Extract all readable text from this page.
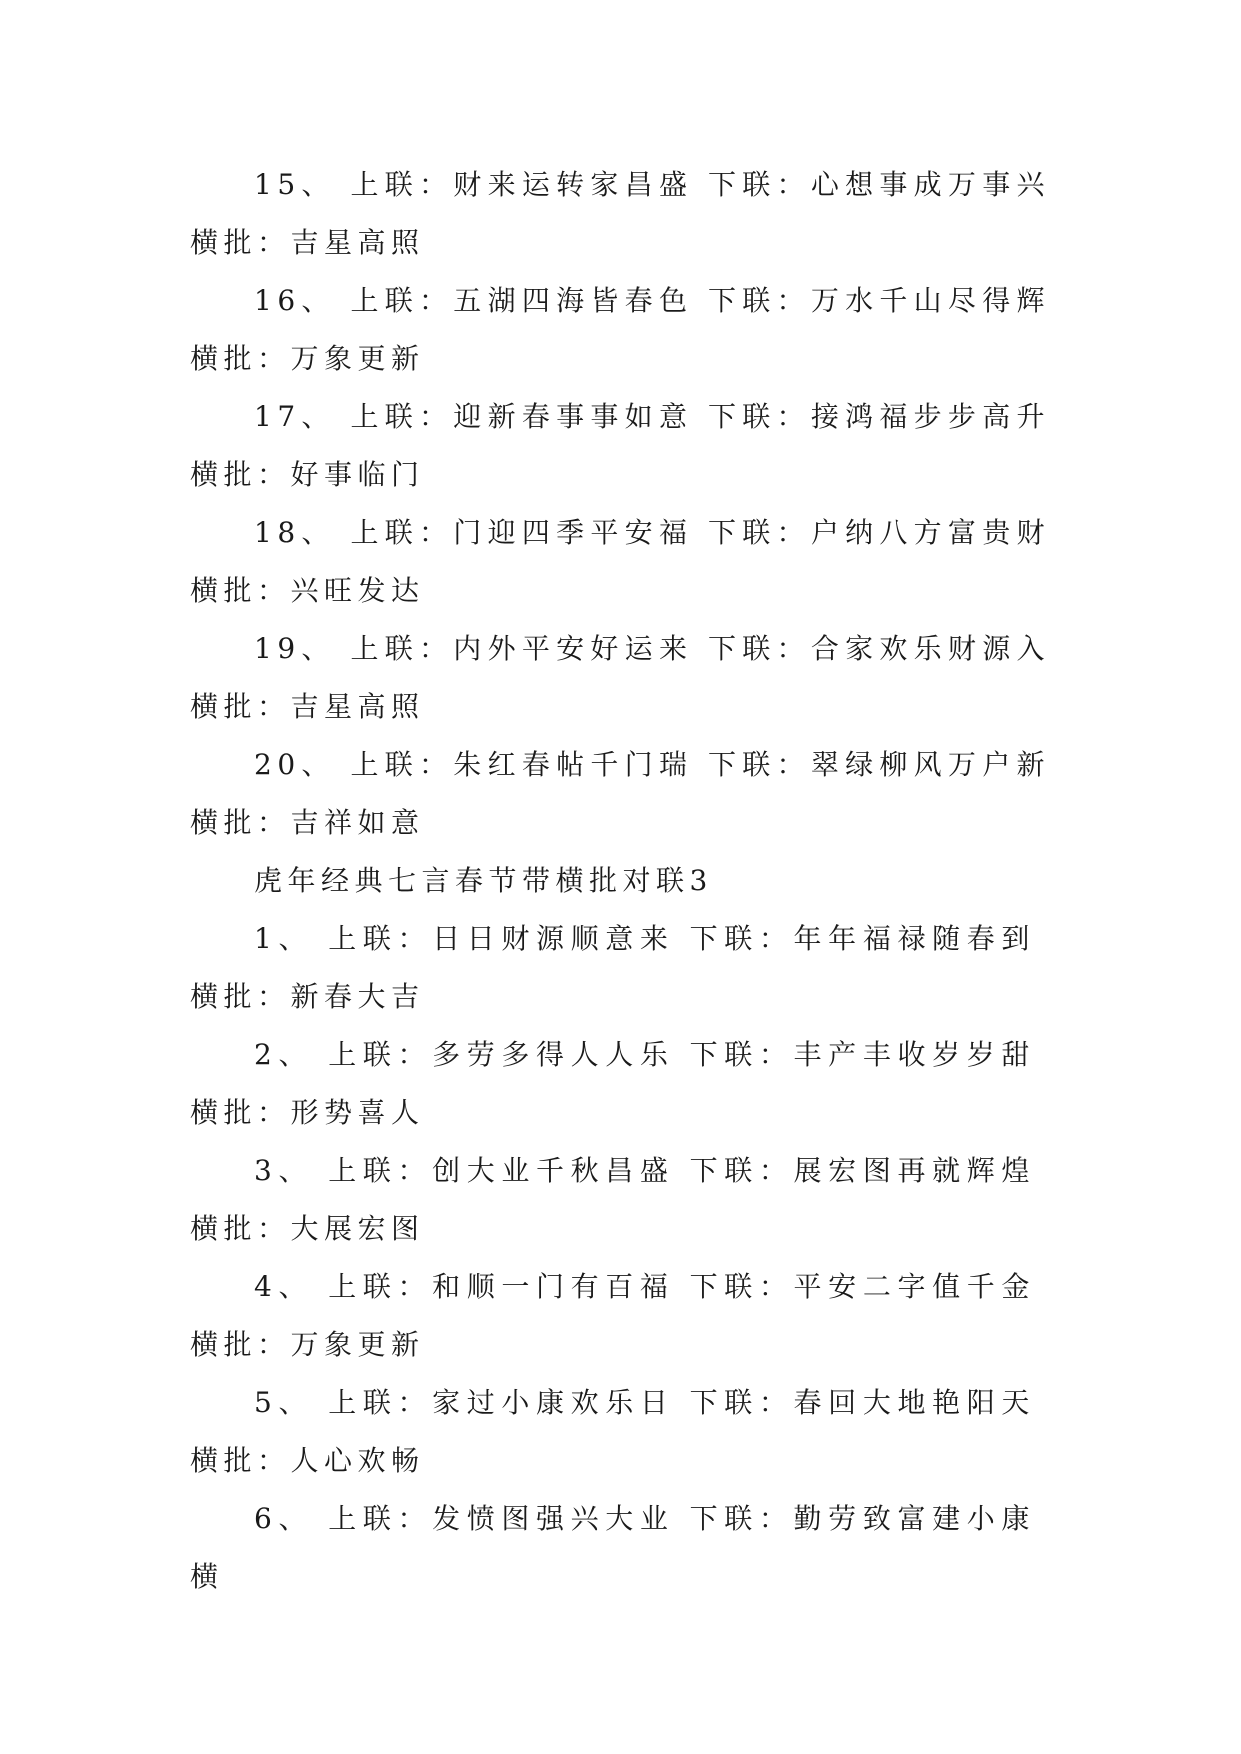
15、 上联：财来运转家昌盛 下联：心想事成万事兴横批：吉星高照

16、 上联：五湖四海皆春色 下联：万水千山尽得辉横批：万象更新

17、 上联：迎新春事事如意 下联：接鸿福步步高升横批：好事临门

18、 上联：门迎四季平安福 下联：户纳八方富贵财横批：兴旺发达

19、 上联：内外平安好运来 下联：合家欢乐财源入横批：吉星高照

20、 上联：朱红春帖千门瑞 下联：翠绿柳风万户新横批：吉祥如意

虎年经典七言春节带横批对联3

1、 上联：日日财源顺意来 下联：年年福禄随春到横批：新春大吉

2、 上联：多劳多得人人乐 下联：丰产丰收岁岁甜横批：形势喜人

3、 上联：创大业千秋昌盛 下联：展宏图再就辉煌横批：大展宏图

4、 上联：和顺一门有百福 下联：平安二字值千金横批：万象更新

5、 上联：家过小康欢乐日 下联：春回大地艳阳天横批：人心欢畅

6、 上联：发愤图强兴大业 下联：勤劳致富建小康横
